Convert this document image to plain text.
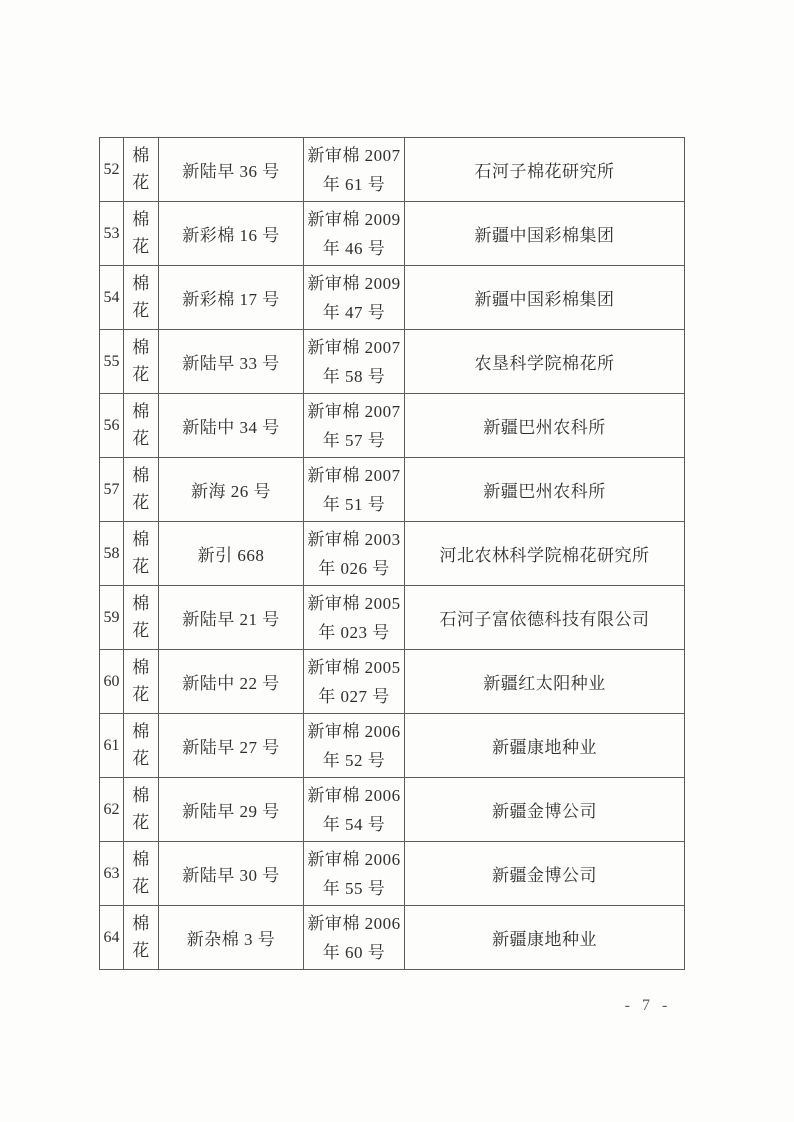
52	棉花	新陆早 36 号	新审棉 2007
年 61 号	石河子棉花研究所
53	棉花	新彩棉 16 号	新审棉 2009
年 46 号	新疆中国彩棉集团
54	棉花	新彩棉 17 号	新审棉 2009
年 47 号	新疆中国彩棉集团
55	棉花	新陆早 33 号	新审棉 2007
年 58 号	农垦科学院棉花所
56	棉花	新陆中 34 号	新审棉 2007
年 57 号	新疆巴州农科所
57	棉花	新海 26 号	新审棉 2007
年 51 号	新疆巴州农科所
58	棉花	新引 668	新审棉 2003
年 026 号	河北农林科学院棉花研究所
59	棉花	新陆早 21 号	新审棉 2005
年 023 号	石河子富依德科技有限公司
60	棉花	新陆中 22 号	新审棉 2005
年 027 号	新疆红太阳种业
61	棉花	新陆早 27 号	新审棉 2006
年 52 号	新疆康地种业
62	棉花	新陆早 29 号	新审棉 2006
年 54 号	新疆金博公司
63	棉花	新陆早 30 号	新审棉 2006
年 55 号	新疆金博公司
64	棉花	新杂棉 3 号	新审棉 2006
年 60 号	新疆康地种业
- 7 -
